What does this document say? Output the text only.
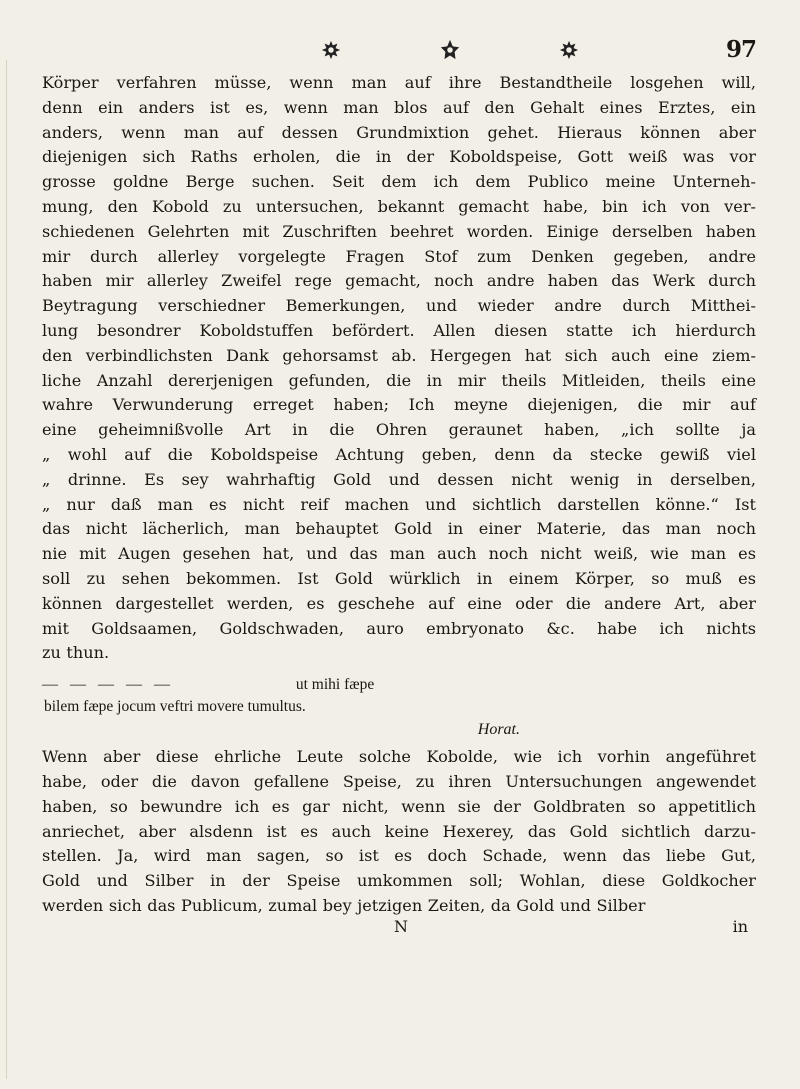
97
Körper verfahren müsse, wenn man auf ihre Bestandtheile losgehen will,
denn ein anders ist es, wenn man blos auf den Gehalt eines Erztes, ein
anders, wenn man auf dessen Grundmixtion gehet. Hieraus können aber
diejenigen sich Raths erholen, die in der Koboldspeise, Gott weiß was vor
grosse goldne Berge suchen. Seit dem ich dem Publico meine Unterneh-
mung, den Kobold zu untersuchen, bekannt gemacht habe, bin ich von ver-
schiedenen Gelehrten mit Zuschriften beehret worden. Einige derselben haben
mir durch allerley vorgelegte Fragen Stof zum Denken gegeben, andre
haben mir allerley Zweifel rege gemacht, noch andre haben das Werk durch
Beytragung verschiedner Bemerkungen, und wieder andre durch Mitthei-
lung besondrer Koboldstuffen befördert. Allen diesen statte ich hierdurch
den verbindlichsten Dank gehorsamst ab. Hergegen hat sich auch eine ziem-
liche Anzahl dererjenigen gefunden, die in mir theils Mitleiden, theils eine
wahre Verwunderung erreget haben; Ich meyne diejenigen, die mir auf
eine geheimnißvolle Art in die Ohren geraunet haben, „ich sollte ja
„ wohl auf die Koboldspeise Achtung geben, denn da stecke gewiß viel
„ drinne. Es sey wahrhaftig Gold und dessen nicht wenig in derselben,
„ nur daß man es nicht reif machen und sichtlich darstellen könne.“ Ist
das nicht lächerlich, man behauptet Gold in einer Materie, das man noch
nie mit Augen gesehen hat, und das man auch noch nicht weiß, wie man es
soll zu sehen bekommen. Ist Gold würklich in einem Körper, so muß es
können dargestellet werden, es geschehe auf eine oder die andere Art, aber
mit Goldsaamen, Goldschwaden, auro embryonato &c. habe ich nichts
zu thun.
— — — — —	ut mihi fæpe
bilem fæpe jocum veftri movere tumultus.
Horat.
Wenn aber diese ehrliche Leute solche Kobolde, wie ich vorhin angeführet
habe, oder die davon gefallene Speise, zu ihren Untersuchungen angewendet
haben, so bewundre ich es gar nicht, wenn sie der Goldbraten so appetitlich
anriechet, aber alsdenn ist es auch keine Hexerey, das Gold sichtlich darzu-
stellen. Ja, wird man sagen, so ist es doch Schade, wenn das liebe Gut,
Gold und Silber in der Speise umkommen soll; Wohlan, diese Goldkocher
werden sich das Publicum, zumal bey jetzigen Zeiten, da Gold und Silber
N	in
